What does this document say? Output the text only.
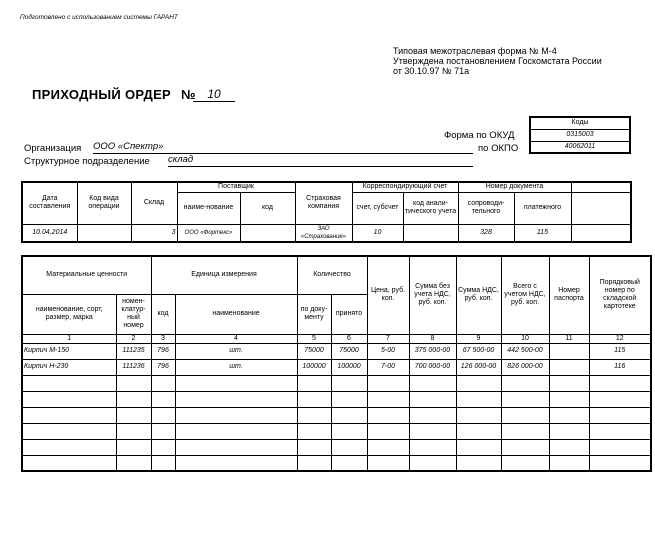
Подготовлено с использованием системы ГАРАНТ
Типовая межотраслевая форма № М-4
Утверждена постановлением Госкомстата России
от 30.10.97 № 71а
ПРИХОДНЫЙ ОРДЕР № 10
Коды
0315003
40062011
Форма по ОКУД
по ОКПО
Организация ООО «Спектр»
Структурное подразделение склад
Дата составления	Код вида операции	Склад	Поставщик		Страховая компания	Корреспондирующий счет		Номер документа		
			наиме-нование	код		счет, субсчет	код анали-тического учета	сопроводи-тельного	платежного	
10.04.2014		3	ООО «Фортекс»		ЗАО «Страхование»	10		328	115	
Материальные ценности		Единица измерения		Количество		Цена, руб. коп.	Сумма без учета НДС, руб. коп.	Сумма НДС, руб. коп.	Всего с учетом НДС, руб. коп.	Номер паспорта	Порядковый номер по складской картотеке
наименование, сорт, размер, марка	номен-клатур-ный номер	код	наименование	по доку-менту	принято						
1	2	3	4	5	6	7	8	9	10	11	12
Кирпич М-150	111235	796	шт.	75000	75000	5-00	375 000-00	67 500-00	442 500-00		115
Кирпич Н-230	111236	796	шт.	100000	100000	7-00	700 000-00	126 000-00	826 000-00		116
